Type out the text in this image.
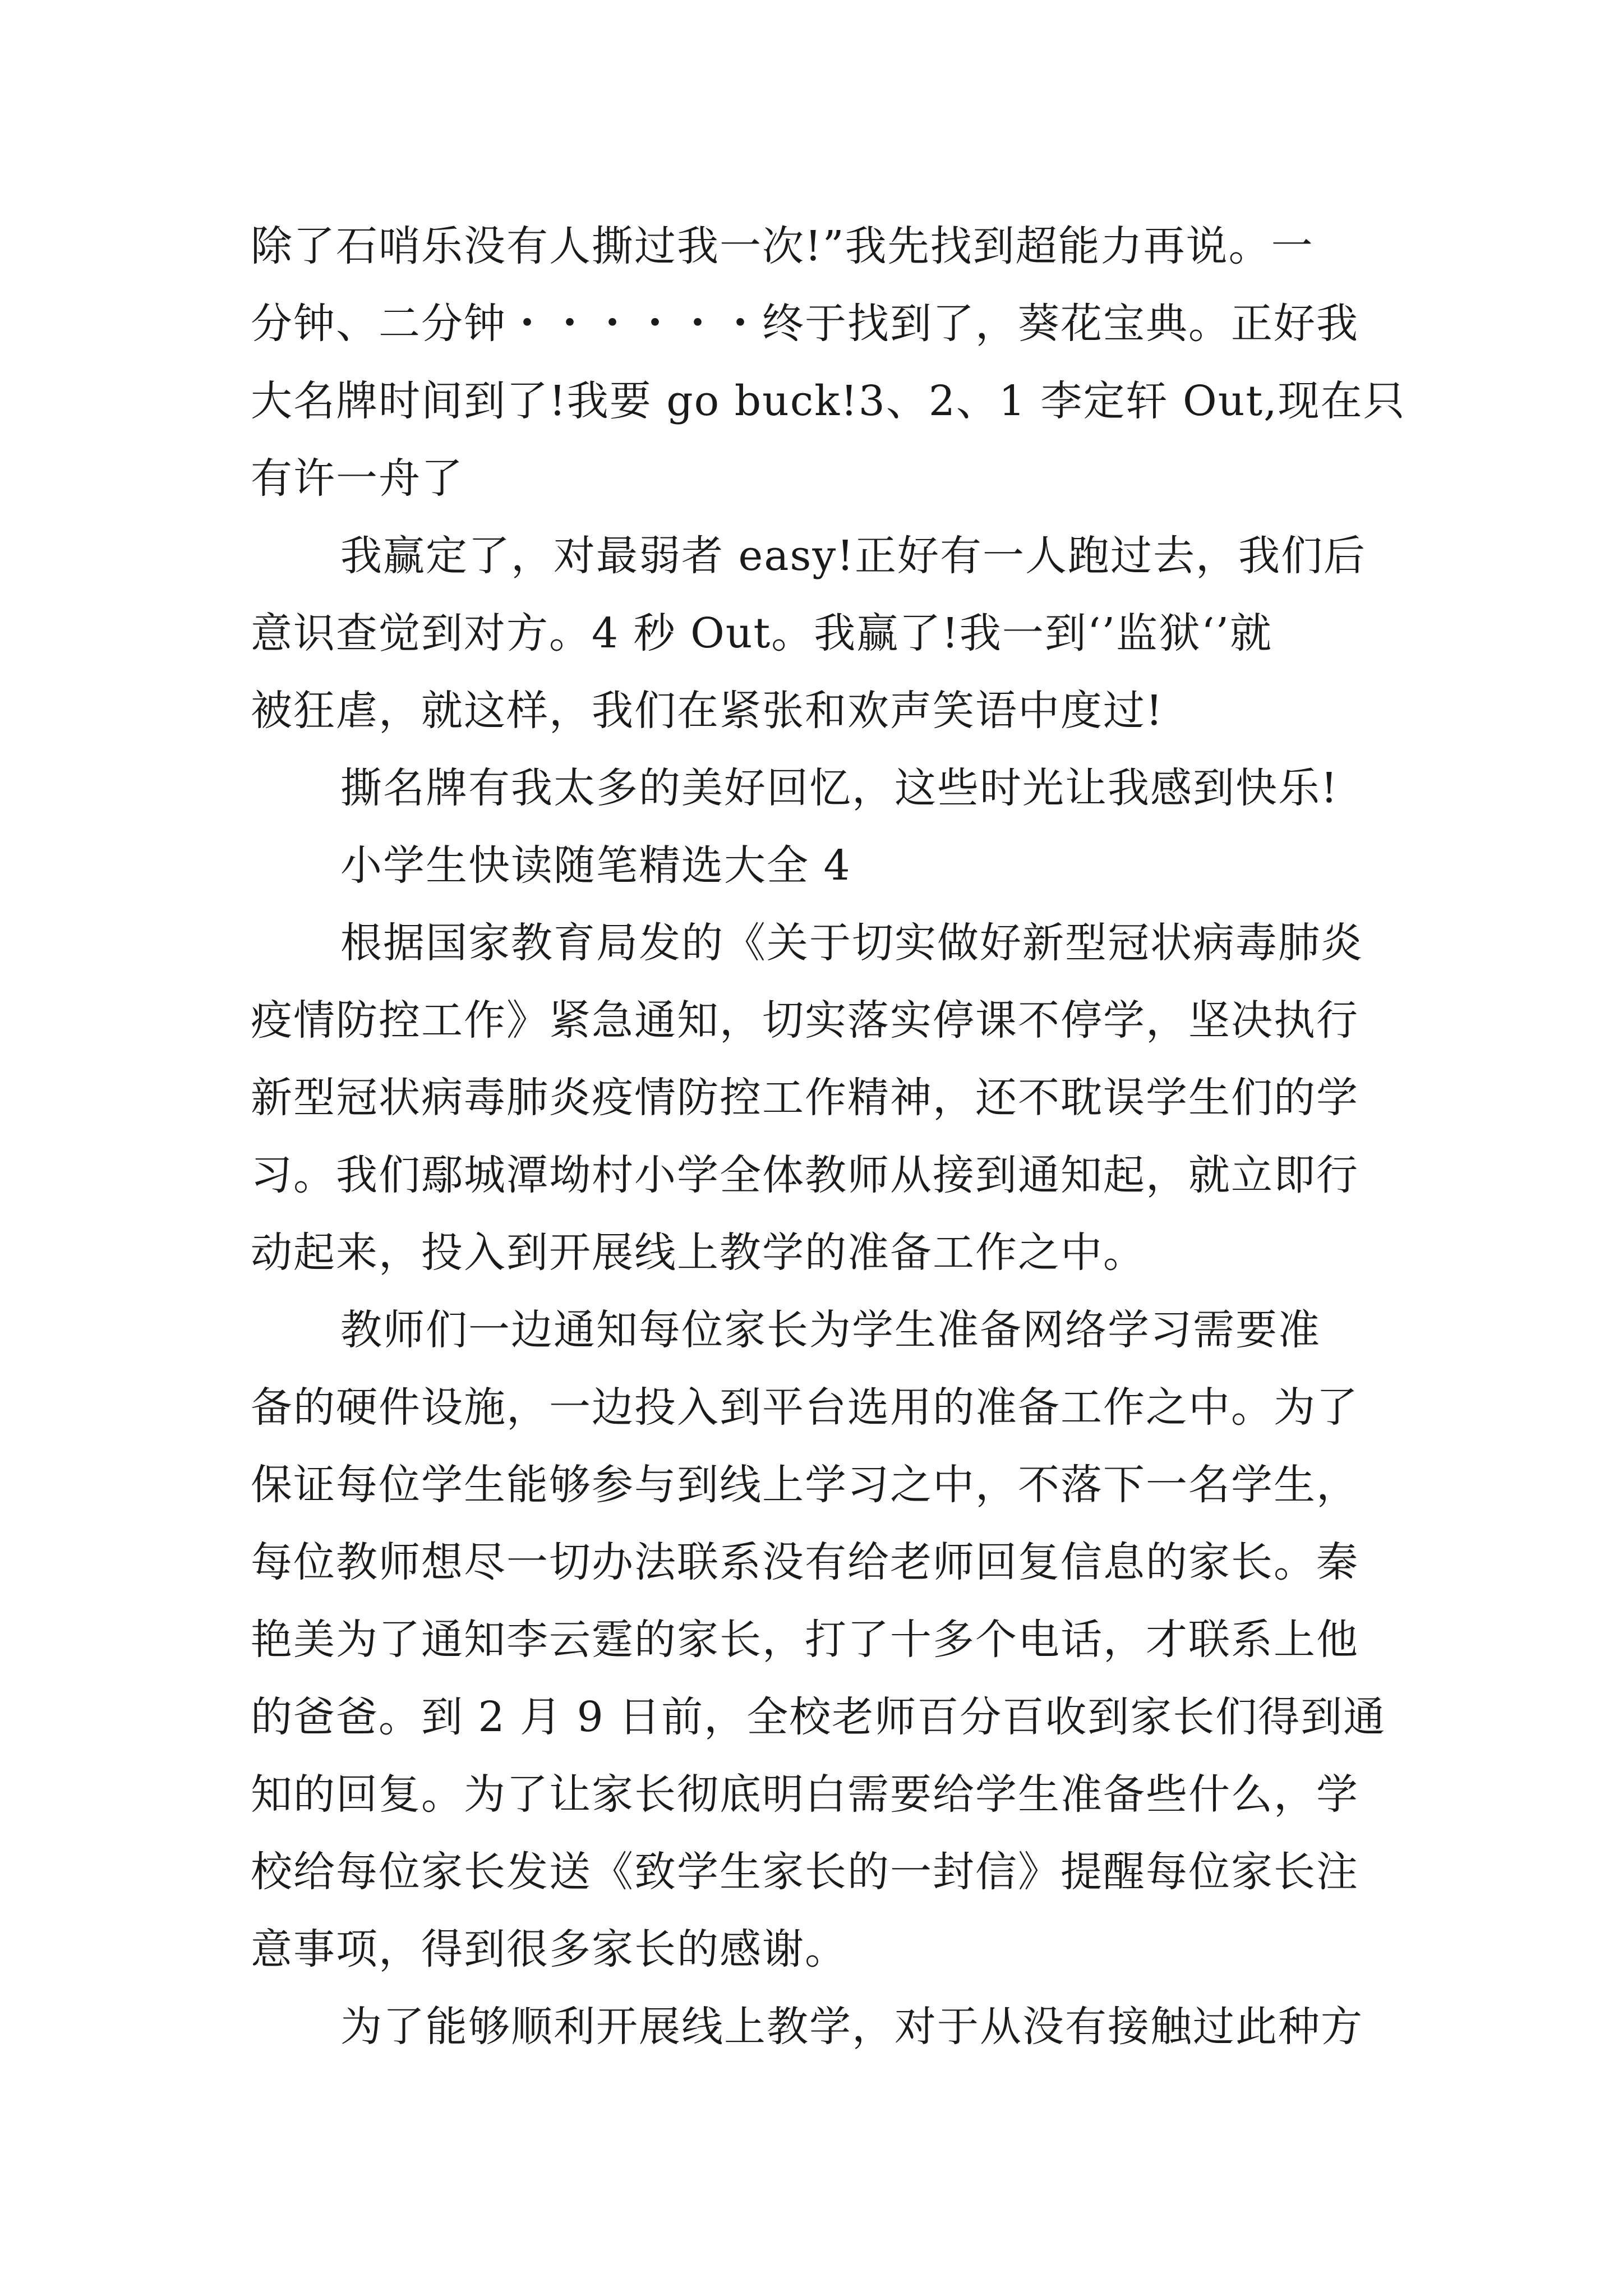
除了石哨乐没有人撕过我一次!”我先找到超能力再说。一
分钟、二分钟・・・・・・终于找到了，葵花宝典。正好我
大名牌时间到了!我要 go buck!3、2、1 李定轩 Out,现在只
有许一舟了
我赢定了，对最弱者 easy!正好有一人跑过去，我们后
意识查觉到对方。4 秒 Out。我赢了!我一到‘’监狱‘’就
被狂虐，就这样，我们在紧张和欢声笑语中度过!
撕名牌有我太多的美好回忆，这些时光让我感到快乐!
小学生快读随笔精选大全 4
根据国家教育局发的《关于切实做好新型冠状病毒肺炎
疫情防控工作》紧急通知，切实落实停课不停学，坚决执行
新型冠状病毒肺炎疫情防控工作精神，还不耽误学生们的学
习。我们鄢城潭坳村小学全体教师从接到通知起，就立即行
动起来，投入到开展线上教学的准备工作之中。
教师们一边通知每位家长为学生准备网络学习需要准
备的硬件设施，一边投入到平台选用的准备工作之中。为了
保证每位学生能够参与到线上学习之中，不落下一名学生，
每位教师想尽一切办法联系没有给老师回复信息的家长。秦
艳美为了通知李云霆的家长，打了十多个电话，才联系上他
的爸爸。到 2 月 9 日前，全校老师百分百收到家长们得到通
知的回复。为了让家长彻底明白需要给学生准备些什么，学
校给每位家长发送《致学生家长的一封信》提醒每位家长注
意事项，得到很多家长的感谢。
为了能够顺利开展线上教学，对于从没有接触过此种方
